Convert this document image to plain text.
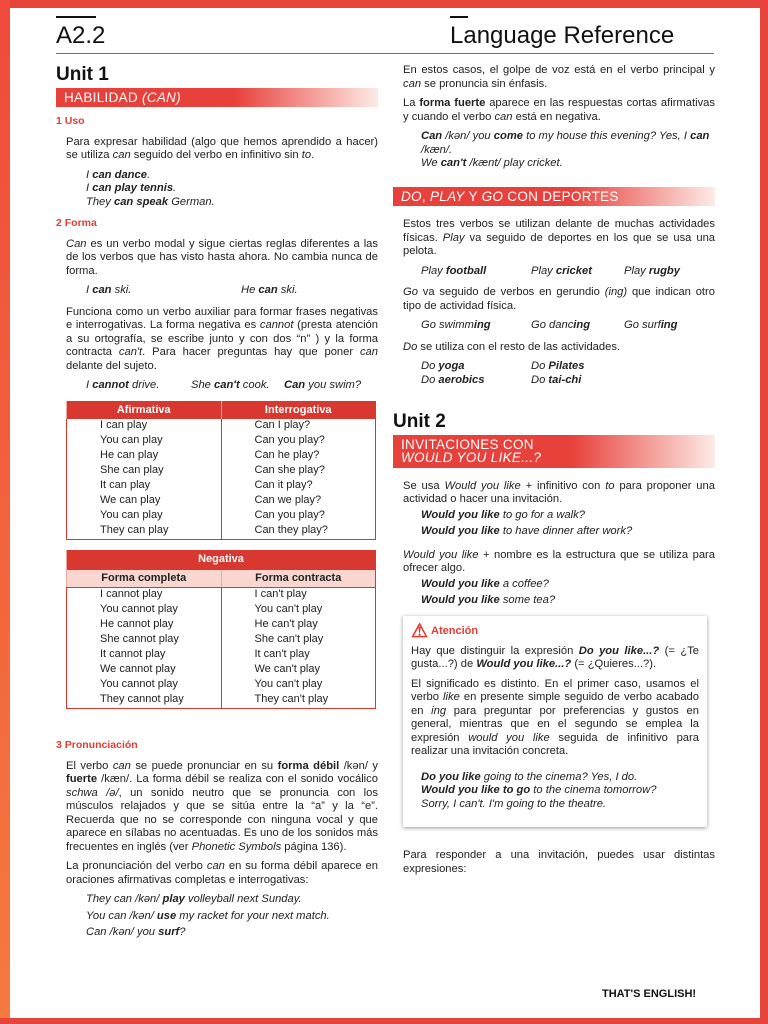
A2.2	Language Reference
Unit 1
HABILIDAD (CAN)
1 Uso

Para expresar habilidad (algo que hemos aprendido a hacer) se utiliza can seguido del verbo en infinitivo sin to.

I can dance.
I can play tennis.
They can speak German.
2 Forma

Can es un verbo modal y sigue ciertas reglas diferentes a las de los verbos que has visto hasta ahora. No cambia nunca de forma.

I can ski.	He can ski.

Funciona como un verbo auxiliar para formar frases negativas e interrogativas. La forma negativa es cannot (presta atención a su ortografía, se escribe junto y con dos “n” ) y la forma contracta can't. Para hacer preguntas hay que poner can delante del sujeto.

I cannot drive.	She can't cook.	Can you swim?
Afirmativa	Interrogativa
I can play	Can I play?
You can play	Can you play?
He can play	Can he play?
She can play	Can she play?
It can play	Can it play?
We can play	Can we play?
You can play	Can you play?
They can play	Can they play?
Negativa	
Forma completa	Forma contracta
I cannot play	I can't play
You cannot play	You can't play
He cannot play	He can't play
She cannot play	She can't play
It cannot play	It can't play
We cannot play	We can't play
You cannot play	You can't play
They cannot play	They can't play
3 Pronunciación

El verbo can se puede pronunciar en su forma débil /kən/ y fuerte /kæn/. La forma débil se realiza con el sonido vocálico schwa /ə/, un sonido neutro que se pronuncia con los músculos relajados y que se sitúa entre la “a” y la “e”. Recuerda que no se corresponde con ninguna vocal y que aparece en sílabas no acentuadas. Es uno de los sonidos más frecuentes en inglés (ver Phonetic Symbols página 136).

La pronunciación del verbo can en su forma débil aparece en oraciones afirmativas completas e interrogativas:

They can /kən/ play volleyball next Sunday.
You can /kən/ use my racket for your next match.
Can /kən/ you surf?

En estos casos, el golpe de voz está en el verbo principal y can se pronuncia sin énfasis.

La forma fuerte aparece en las respuestas cortas afirmativas y cuando el verbo can está en negativa.

Can /kən/ you come to my house this evening? Yes, I can /kæn/.
We can't /kænt/ play cricket.
DO, PLAY Y GO CON DEPORTES

Estos tres verbos se utilizan delante de muchas actividades físicas. Play va seguido de deportes en los que se usa una pelota.

Play football	Play cricket	Play rugby

Go va seguido de verbos en gerundio (ing) que indican otro tipo de actividad física.

Go swimming	Go dancing	Go surfing

Do se utiliza con el resto de las actividades.

Do yoga	Do Pilates
Do aerobics	Do tai-chi
Unit 2
INVITACIONES CON
WOULD YOU LIKE...?

Se usa Would you like + infinitivo con to para proponer una actividad o hacer una invitación.

Would you like to go for a walk?
Would you like to have dinner after work?

Would you like + nombre es la estructura que se utiliza para ofrecer algo.

Would you like a coffee?
Would you like some tea?
⚠ Atención

Hay que distinguir la expresión Do you like...? (= ¿Te gusta...?) de Would you like...? (= ¿Quieres...?).

El significado es distinto. En el primer caso, usamos el verbo like en presente simple seguido de verbo acabado en ing para preguntar por preferencias y gustos en general, mientras que en el segundo se emplea la expresión would you like seguida de infinitivo para realizar una invitación concreta.

Do you like going to the cinema? Yes, I do.
Would you like to go to the cinema tomorrow?
Sorry, I can't. I'm going to the theatre.

Para responder a una invitación, puedes usar distintas expresiones:

THAT'S ENGLISH!
